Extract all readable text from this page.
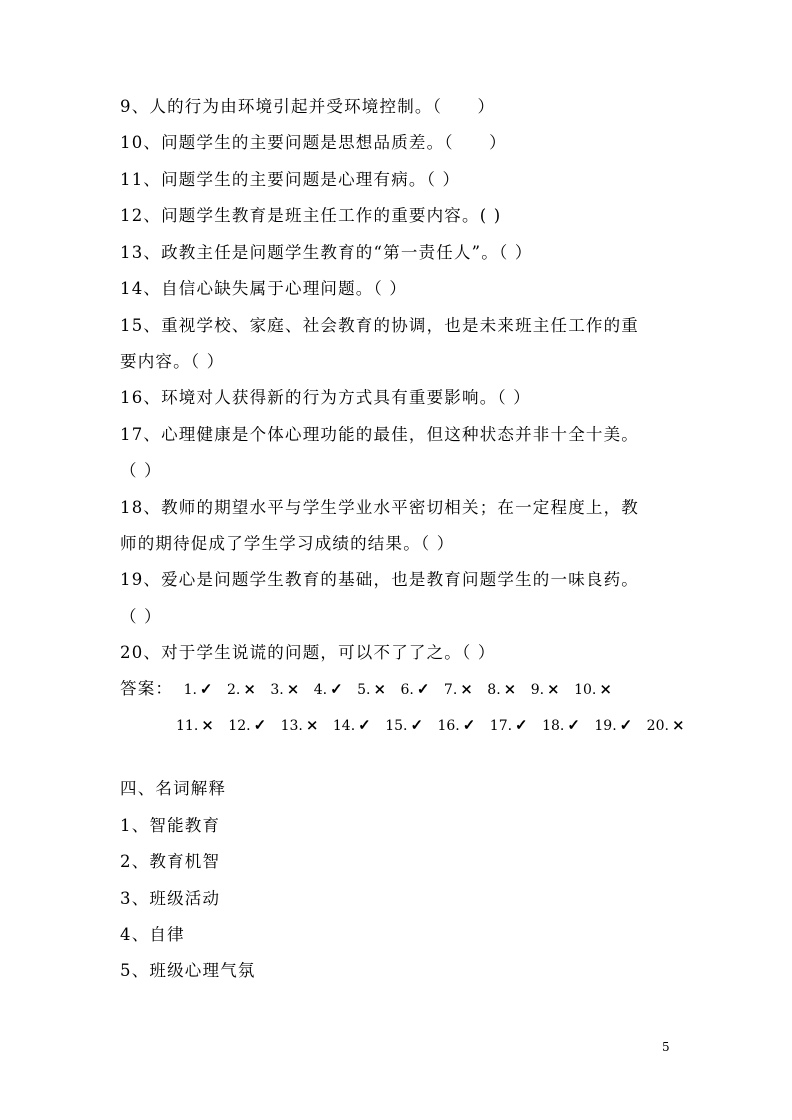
9、人的行为由环境引起并受环境控制。（　　）
10、问题学生的主要问题是思想品质差。（　　）
11、问题学生的主要问题是心理有病。（ ）
12、问题学生教育是班主任工作的重要内容。( )
13、政教主任是问题学生教育的“第一责任人”。（ ）
14、自信心缺失属于心理问题。（ ）
15、重视学校、家庭、社会教育的协调，也是未来班主任工作的重
要内容。（ ）
16、环境对人获得新的行为方式具有重要影响。（ ）
17、心理健康是个体心理功能的最佳，但这种状态并非十全十美。
（ ）
18、教师的期望水平与学生学业水平密切相关；在一定程度上，教
师的期待促成了学生学习成绩的结果。（ ）
19、爱心是问题学生教育的基础，也是教育问题学生的一味良药。
（ ）
20、对于学生说谎的问题，可以不了了之。（ ）
答案： 1. ✓ 2. × 3. × 4. ✓ 5. × 6. ✓ 7. × 8. × 9. × 10. ×
11. × 12. ✓ 13. × 14. ✓ 15. ✓ 16. ✓ 17. ✓ 18. ✓ 19. ✓ 20. ×
四、名词解释
1、智能教育
2、教育机智
3、班级活动
4、自律
5、班级心理气氛
5
